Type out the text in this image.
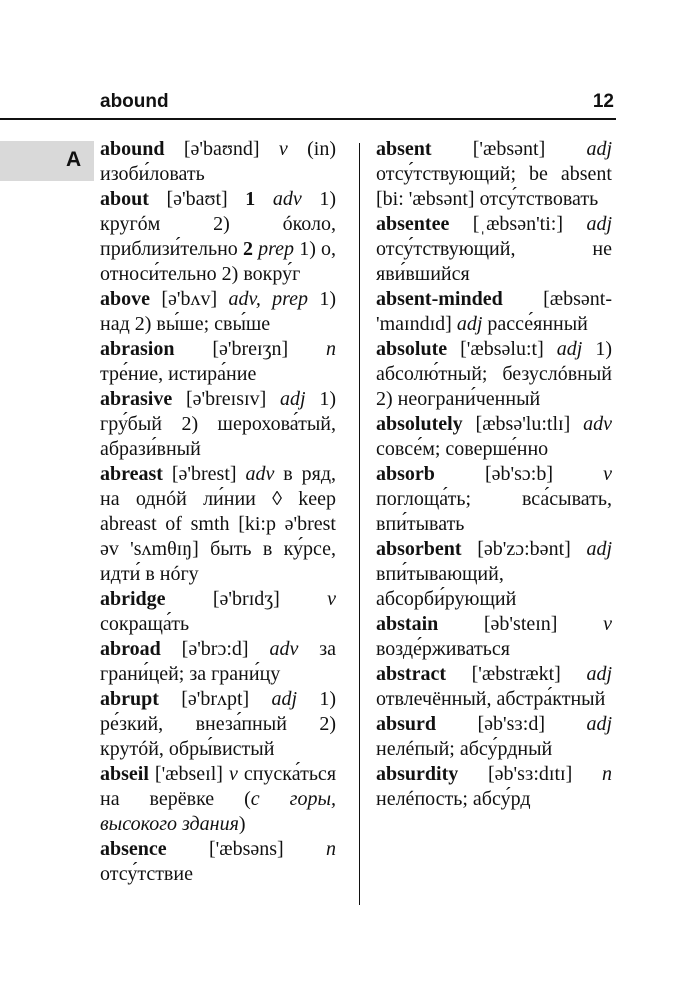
abound	12
A abound [ə'baʊnd] v (in) изоби́ловать

about [ə'baʊt] 1 adv 1) кругóм 2) óколо, приблизи́тельно 2 prep 1) о, относи́тельно 2) вокру́г

above [ə'bʌv] adv, prep 1) над 2) вы́ше; свы́ше

abrasion [ə'breɪʒn] n тре́ние, истира́ние

abrasive [ə'breɪsɪv] adj 1) гру́бый 2) шерохова́тый, абрази́вный

abreast [ə'brest] adv в ряд, на однóй ли́нии ◊ keep abreast of smth [ki:p ə'brest əv 'sʌmθɪŋ] быть в ку́рсе, идти́ в нóгу

abridge [ə'brɪdʒ] v сокраща́ть

abroad [ə'brɔ:d] adv за грани́цей; за грани́цу

abrupt [ə'brʌpt] adj 1) ре́зкий, внеза́пный 2) крутóй, обры́вистый

abseil ['æbseɪl] v спуска́ться на верёвке (с горы, высокого здания)

absence ['æbsəns] n отсу́тствие

absent ['æbsənt] adj отсу́тствующий; be absent [bi: 'æbsənt] отсу́тствовать

absentee [ˌæbsən'ti:] adj отсу́тствующий, не яви́вшийся

absent-minded [æbsənt-'maɪndɪd] adj рассе́янный

absolute ['æbsəlu:t] adj 1) абсолю́тный; безуслóвный 2) неограни́ченный

absolutely [æbsə'lu:tlɪ] adv совсе́м; соверше́нно

absorb	[əb'sɔ:b]	v поглоща́ть; вса́сывать, впи́тывать

absorbent [əb'zɔ:bənt] adj впи́тывающий, абсорби́рующий

abstain [əb'steɪn] v возде́рживаться

abstract ['æbstrækt] adj отвлечённый, абстра́ктный

absurd [əb'sɜ:d] adj нелéпый; абсу́рдный

absurdity [əb'sɜ:dɪtɪ] n нелéпость; абсу́рд
